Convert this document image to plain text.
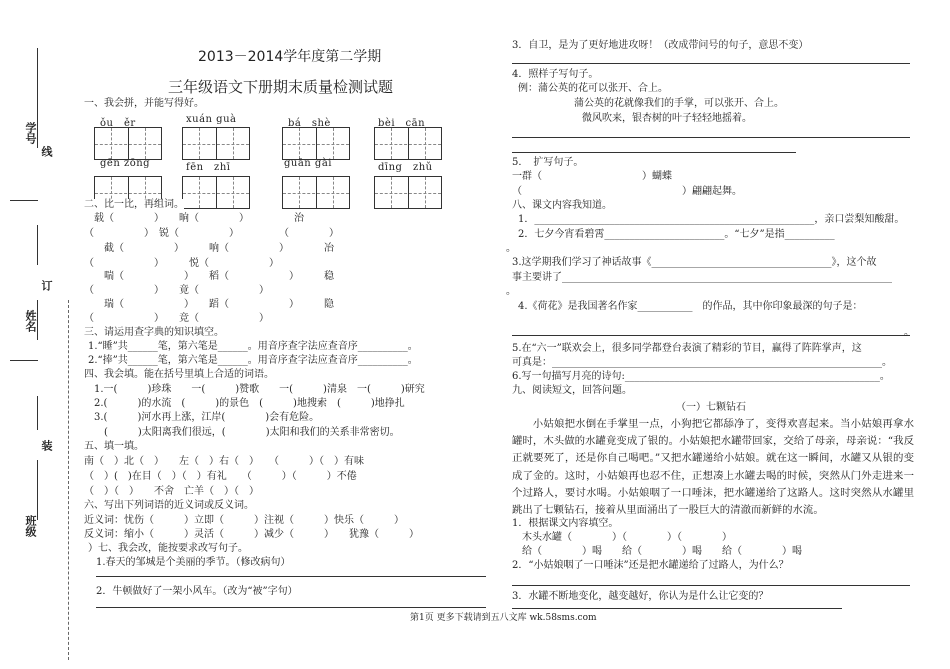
学号
线
订
姓名
装
班级
2013－2014学年度第二学期
三年级语文下册期末质量检测试题
一、我会拼，并能写得好。
ǒu　ěr	xuán guà	bá　shè	bèi　cān
gēn zōng	fēn　zhī	guān gài	dīng　zhǔ
二、比一比，再组词。
　载（　　　　）　　晌（　　　　）　　　　　治
（　　　　　）　锐（　　　　　）　　　　　（　　　　）
　　截（　　　　　）　　　响（　　　　　）　　　　冶
（　　　　　　）　　　悦（　　　　　　）
　　喘（　　　　　　）　　稻（　　　　　　）　　　稳
（　　　　　　）　　竟（　　　　　　）
　　瑞（　　　　　　）　　蹈（　　　　　　）　　　隐
（　　　　　　）　　竞（　　　　　　）
三、请运用查字典的知识填空。
1.“睡”共______笔，第六笔是______。用音序查字法应查音序__________。
2.“捧”共______笔，第六笔是______。用音序查字法应查音序__________。
四、我会填。能在括号里填上合适的词语。
　1.一(　　　)珍珠　　一(　　　)赞歌　　一(　　　)清泉　一(　　　)研究
　2.(　　　)的水流　(　　　)的景色　(　　　)地搜索　(　　　)地挣扎
　3.(　　　)河水再上涨，江岸(　　　　)会有危险。
　　(　　　)太阳离我们很远，(　　　　)太阳和我们的关系非常密切。
五、填一填。
南（　）北（　）　　左（　）右（　）　　（　　　）（　）有味
（　）(　)在目（　）（　）有礼　　（　　　）（　　　）不倦
（　）（　）　　不舍　亡羊（　）（　）
六、写出下列词语的近义词或反义词。
近义词：忧伤（　　　）立即（　　　）注视（　　　）快乐（　　　）
反义词：缩小（　　　）灵活（　　　）减少（　　　）　　犹豫（　　　）
）七、我会改，能按要求改写句子。
1.春天的邹城是个美丽的季节。（修改病句）
2．牛顿做好了一架小风车。（改为“被”字句）
3．自卫，是为了更好地进攻呀！（改成带问号的句子，意思不变）
4．照样子写句子。
例：蒲公英的花可以张开、合上。
蒲公英的花就像我们的手掌，可以张开、合上。
微风吹来，银杏树的叶子轻轻地摇着。
5．　扩写句子。
一群（　　　　　　　　　　）蝴蝶
（　　　　　　　　　　　　　　　　）翩翩起舞。
八、课文内容我知道。
1．________________________________________________________，亲口尝梨知酸甜。
2．七夕今宵看碧霄________________________。“七夕”是指__________
。
3.这学期我们学习了神话故事《____________________________________》，这个故
事主要讲了__________________________________________________________________
。
4.《荷花》是我国著名作家___________　的作品，其中你印象最深的句子是：
。
5.在“六一”联欢会上，很多同学都登台表演了精彩的节目，赢得了阵阵掌声，这
可真是：__________________________________________________________________。
6.写一句描写月亮的诗句:___________________________________________________。
九、阅读短文，回答问题。
（一）七颗钻石
小姑娘把水倒在手掌里一点，小狗把它都舔净了，变得欢喜起来。当小姑娘再拿水罐时，木头做的水罐竟变成了银的。小姑娘把水罐带回家，交给了母亲，母亲说：“我反正就要死了，还是你自己喝吧。”又把水罐递给小姑娘。就在这一瞬间，水罐又从银的变成了金的。这时，小姑娘再也忍不住，正想凑上水罐去喝的时候，突然从门外走进来一个过路人，要讨水喝。小姑娘咽了一口唾沫，把水罐递给了这路人。这时突然从水罐里跳出了七颗钻石，接着从里面涌出了一股巨大的清澈而新鲜的水流。
1．根据课文内容填空。
木头水罐（　　　　）（　　　　）（　　　　）
给（　　　　）喝　　给（　　　　）喝　　给（　　　　）喝
2．“小姑娘咽了一口唾沫”还是把水罐递给了过路人，为什么？
3．水罐不断地变化，越变越好，你认为是什么让它变的？
第1页 更多下载请到五八文库 wk.58sms.com
